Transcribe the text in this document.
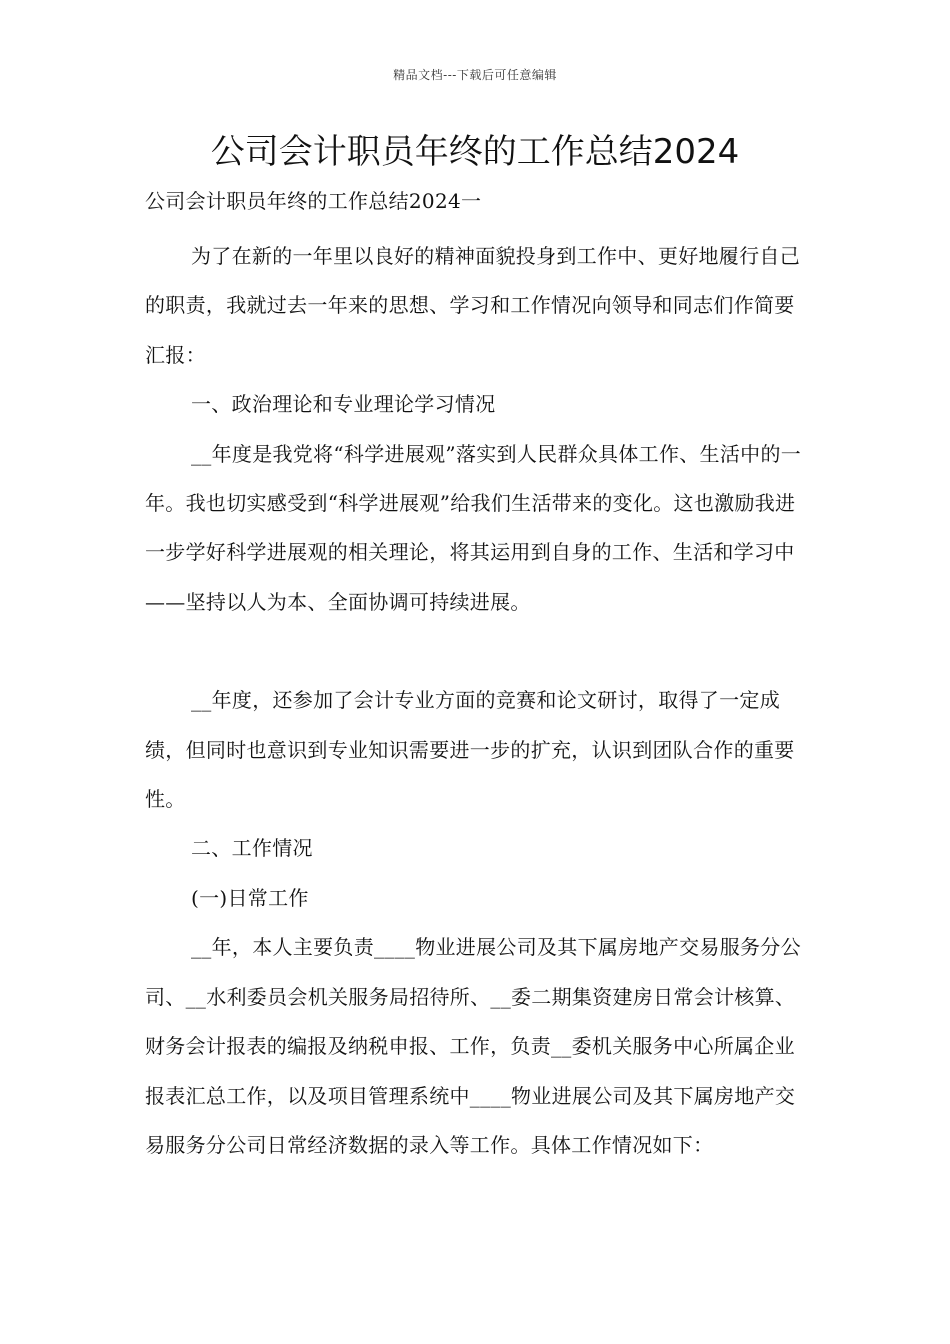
精品文档---下载后可任意编辑
公司会计职员年终的工作总结2024

公司会计职员年终的工作总结2024一

为了在新的一年里以良好的精神面貌投身到工作中、更好地履行自己的职责，我就过去一年来的思想、学习和工作情况向领导和同志们作简要汇报：

一、政治理论和专业理论学习情况

__年度是我党将“科学进展观”落实到人民群众具体工作、生活中的一年。我也切实感受到“科学进展观”给我们生活带来的变化。这也激励我进一步学好科学进展观的相关理论，将其运用到自身的工作、生活和学习中——坚持以人为本、全面协调可持续进展。

__年度，还参加了会计专业方面的竞赛和论文研讨，取得了一定成绩，但同时也意识到专业知识需要进一步的扩充，认识到团队合作的重要性。

二、工作情况

(一)日常工作

__年，本人主要负责____物业进展公司及其下属房地产交易服务分公司、__水利委员会机关服务局招待所、__委二期集资建房日常会计核算、财务会计报表的编报及纳税申报、工作，负责__委机关服务中心所属企业报表汇总工作，以及项目管理系统中____物业进展公司及其下属房地产交易服务分公司日常经济数据的录入等工作。具体工作情况如下：
